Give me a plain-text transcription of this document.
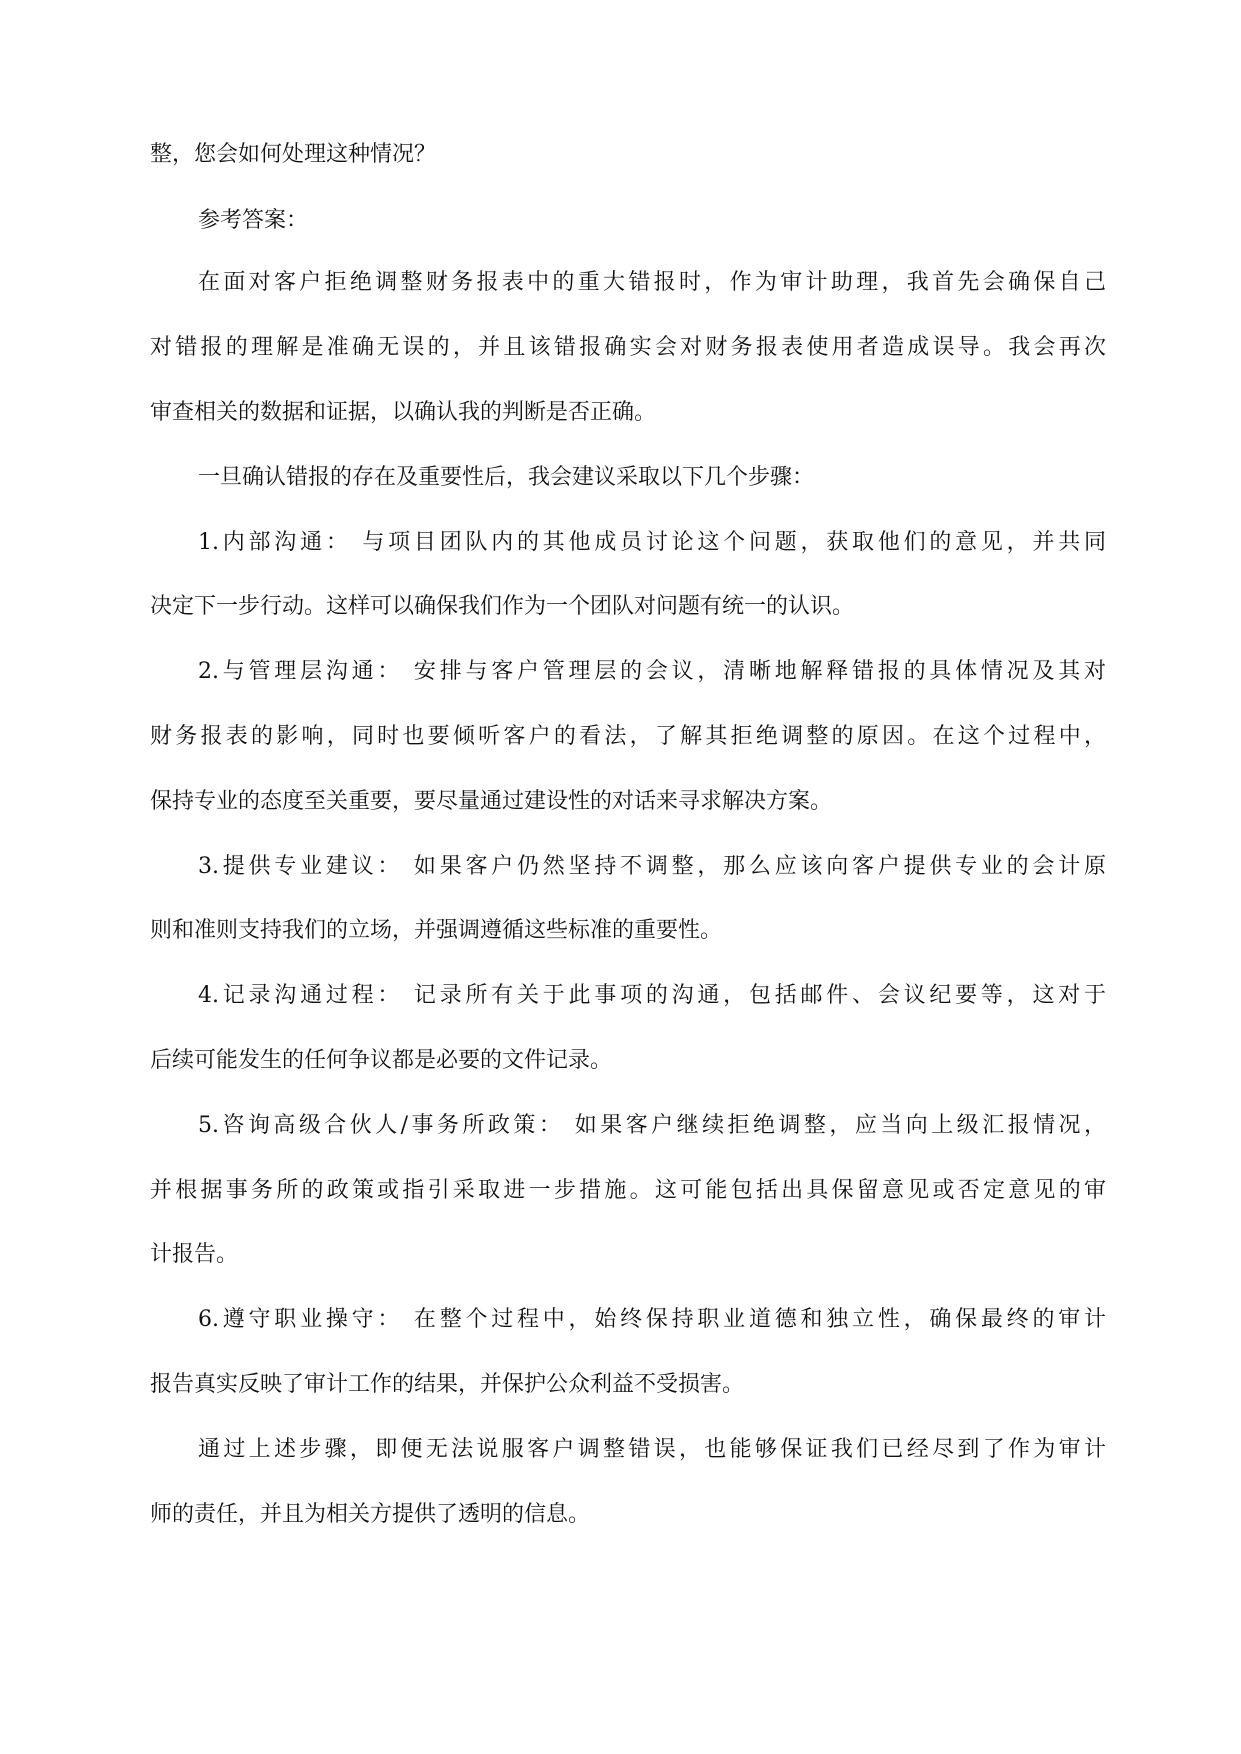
整，您会如何处理这种情况？
参考答案：
在面对客户拒绝调整财务报表中的重大错报时，作为审计助理，我首先会确保自己
对错报的理解是准确无误的，并且该错报确实会对财务报表使用者造成误导。我会再次
审查相关的数据和证据，以确认我的判断是否正确。
一旦确认错报的存在及重要性后，我会建议采取以下几个步骤：
1.内部沟通： 与项目团队内的其他成员讨论这个问题，获取他们的意见，并共同
决定下一步行动。这样可以确保我们作为一个团队对问题有统一的认识。
2.与管理层沟通： 安排与客户管理层的会议，清晰地解释错报的具体情况及其对
财务报表的影响，同时也要倾听客户的看法，了解其拒绝调整的原因。在这个过程中，
保持专业的态度至关重要，要尽量通过建设性的对话来寻求解决方案。
3.提供专业建议： 如果客户仍然坚持不调整，那么应该向客户提供专业的会计原
则和准则支持我们的立场，并强调遵循这些标准的重要性。
4.记录沟通过程： 记录所有关于此事项的沟通，包括邮件、会议纪要等，这对于
后续可能发生的任何争议都是必要的文件记录。
5.咨询高级合伙人/事务所政策： 如果客户继续拒绝调整，应当向上级汇报情况，
并根据事务所的政策或指引采取进一步措施。这可能包括出具保留意见或否定意见的审
计报告。
6.遵守职业操守： 在整个过程中，始终保持职业道德和独立性，确保最终的审计
报告真实反映了审计工作的结果，并保护公众利益不受损害。
通过上述步骤，即便无法说服客户调整错误，也能够保证我们已经尽到了作为审计
师的责任，并且为相关方提供了透明的信息。
